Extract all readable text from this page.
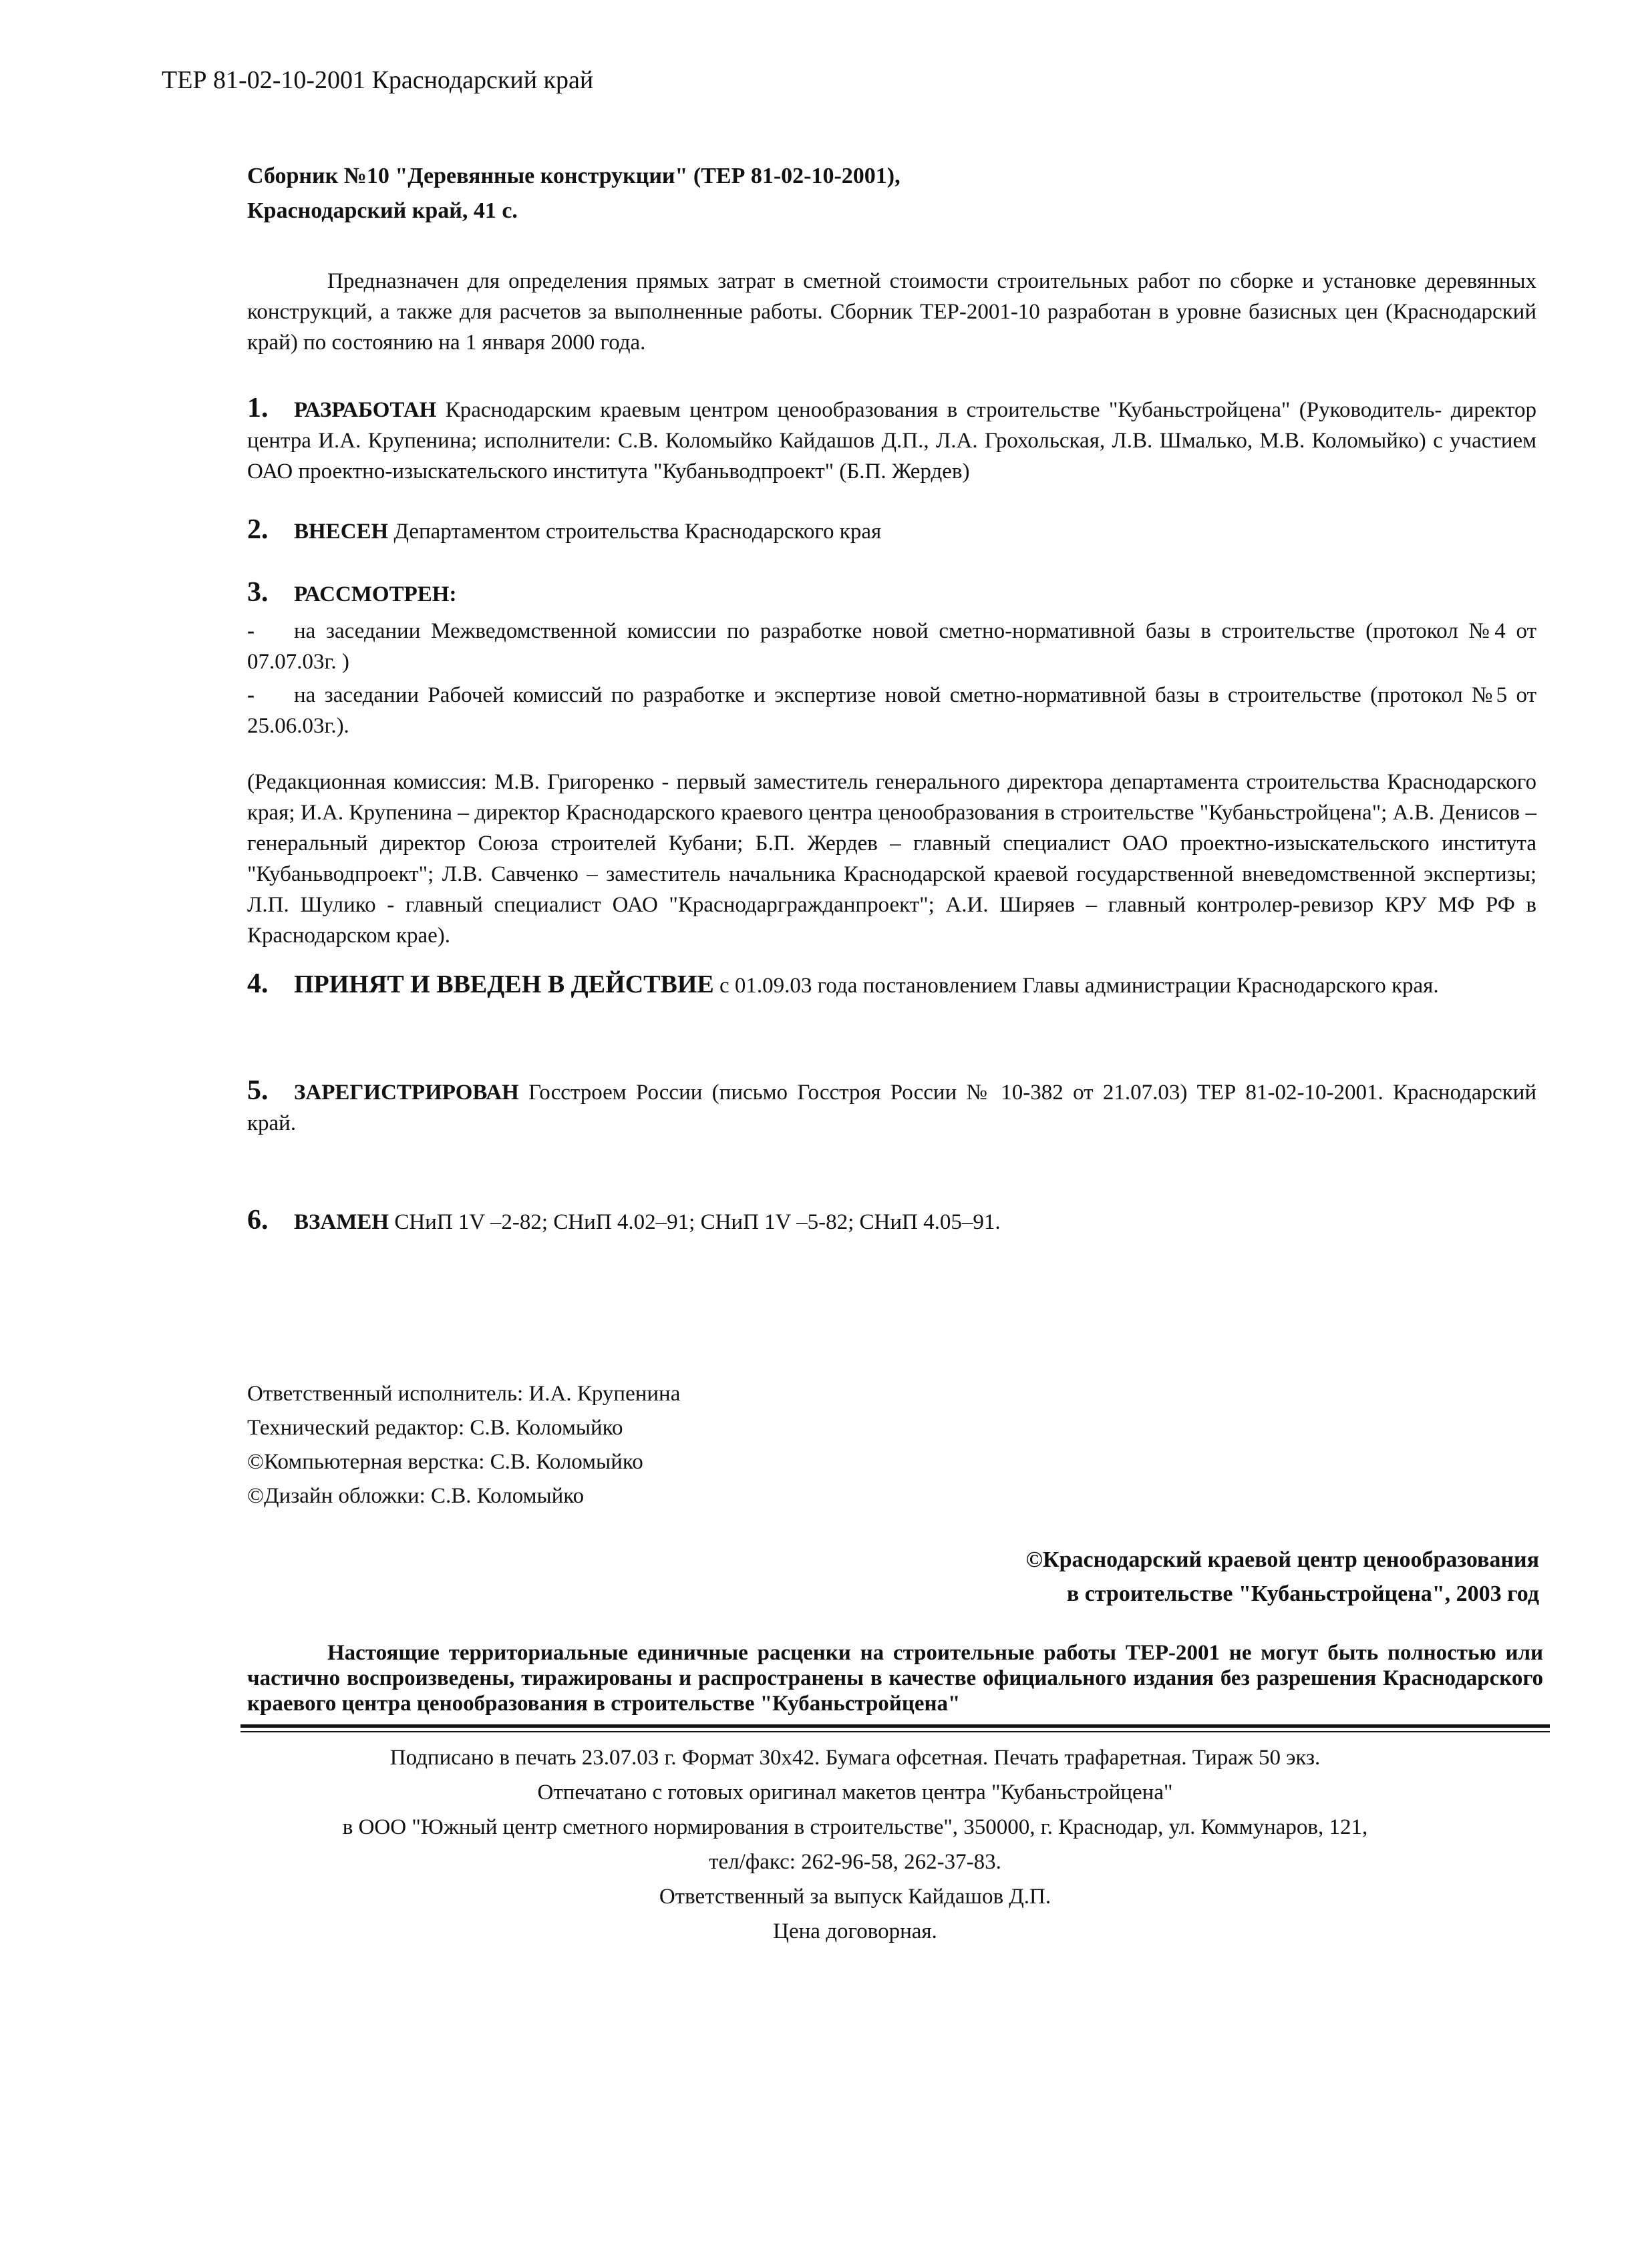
ТЕР 81-02-10-2001 Краснодарский край
Сборник №10 "Деревянные конструкции" (ТЕР 81-02-10-2001),
Краснодарский край, 41 с.
Предназначен для определения прямых затрат в сметной стоимости строительных работ по сборке и установке деревянных конструкций, а также для расчетов за выполненные работы. Сборник ТЕР-2001-10 разработан в уровне базисных цен (Краснодарский край) по состоянию на 1 января 2000 года.
1. РАЗРАБОТАН Краснодарским краевым центром ценообразования в строительстве "Кубаньстройцена" (Руководитель- директор центра И.А. Крупенина; исполнители: С.В. Коломыйко Кайдашов Д.П., Л.А. Грохольская, Л.В. Шмалько, М.В. Коломыйко) с участием ОАО проектно-изыскательского института "Кубаньводпроект" (Б.П. Жердев)
2. ВНЕСЕН Департаментом строительства Краснодарского края
3. РАССМОТРЕН:
- на заседании Межведомственной комиссии по разработке новой сметно-нормативной базы в строительстве (протокол №4 от 07.07.03г. )
- на заседании Рабочей комиссий по разработке и экспертизе новой сметно-нормативной базы в строительстве (протокол №5 от 25.06.03г.).
(Редакционная комиссия: М.В. Григоренко - первый заместитель генерального директора департамента строительства Краснодарского края; И.А. Крупенина – директор Краснодарского краевого центра ценообразования в строительстве "Кубаньстройцена"; А.В. Денисов – генеральный директор Союза строителей Кубани; Б.П. Жердев – главный специалист ОАО проектно-изыскательского института "Кубаньводпроект"; Л.В. Савченко – заместитель начальника Краснодарской краевой государственной вневедомственной экспертизы; Л.П. Шулико - главный специалист ОАО "Краснодаргражданпроект"; А.И. Ширяев – главный контролер-ревизор КРУ МФ РФ в Краснодарском крае).
4. ПРИНЯТ И ВВЕДЕН В ДЕЙСТВИЕ с 01.09.03 года постановлением Главы администрации Краснодарского края.
5. ЗАРЕГИСТРИРОВАН Госстроем России (письмо Госстроя России № 10-382 от 21.07.03) ТЕР 81-02-10-2001. Краснодарский край.
6. ВЗАМЕН СНиП 1V –2-82; СНиП 4.02–91; СНиП 1V –5-82; СНиП 4.05–91.
Ответственный исполнитель: И.А. Крупенина
Технический редактор: С.В. Коломыйко
©Компьютерная верстка: С.В. Коломыйко
©Дизайн обложки: С.В. Коломыйко
©Краснодарский краевой центр ценообразования
в строительстве "Кубаньстройцена", 2003 год
Настоящие территориальные единичные расценки на строительные работы ТЕР-2001 не могут быть полностью или частично воспроизведены, тиражированы и распространены в качестве официального издания без разрешения Краснодарского краевого центра ценообразования в строительстве "Кубаньстройцена"
Подписано в печать 23.07.03 г. Формат 30х42. Бумага офсетная. Печать трафаретная. Тираж 50 экз.
Отпечатано с готовых оригинал макетов центра "Кубаньстройцена"
в ООО "Южный центр сметного нормирования в строительстве", 350000, г. Краснодар, ул. Коммунаров, 121,
тел/факс: 262-96-58, 262-37-83.
Ответственный за выпуск Кайдашов Д.П.
Цена договорная.
